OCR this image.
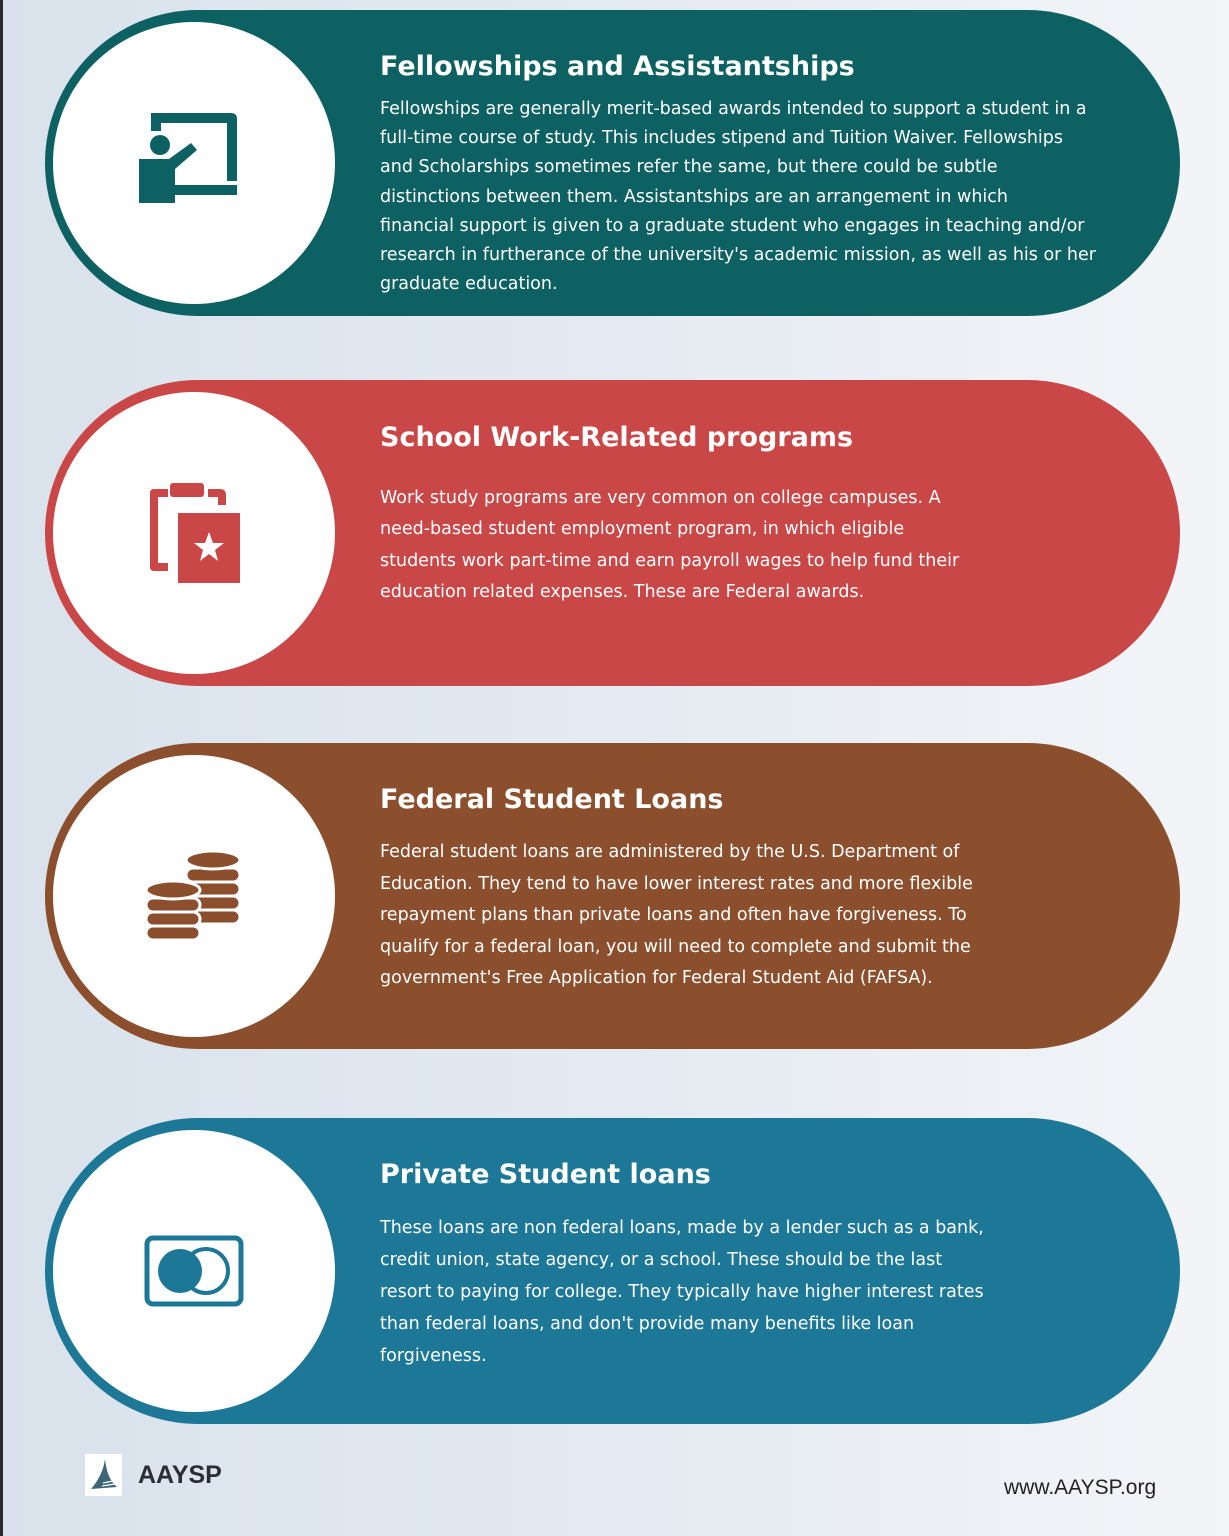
Fellowships and Assistantships
Fellowships are generally merit-based awards intended to support a student in a
full-time course of study. This includes stipend and Tuition Waiver. Fellowships
and Scholarships sometimes refer the same, but there could be subtle
distinctions between them. Assistantships are an arrangement in which
financial support is given to a graduate student who engages in teaching and/or
research in furtherance of the university's academic mission, as well as his or her
graduate education.
School Work-Related programs
Work study programs are very common on college campuses. A
need-based student employment program, in which eligible
students work part-time and earn payroll wages to help fund their
education related expenses. These are Federal awards.
Federal Student Loans
Federal student loans are administered by the U.S. Department of
Education. They tend to have lower interest rates and more flexible
repayment plans than private loans and often have forgiveness. To
qualify for a federal loan, you will need to complete and submit the
government's Free Application for Federal Student Aid (FAFSA).
Private Student loans
These loans are non federal loans, made by a lender such as a bank,
credit union, state agency, or a school. These should be the last
resort to paying for college. They typically have higher interest rates
than federal loans, and don't provide many benefits like loan
forgiveness.
AAYSP	www.AAYSP.org
